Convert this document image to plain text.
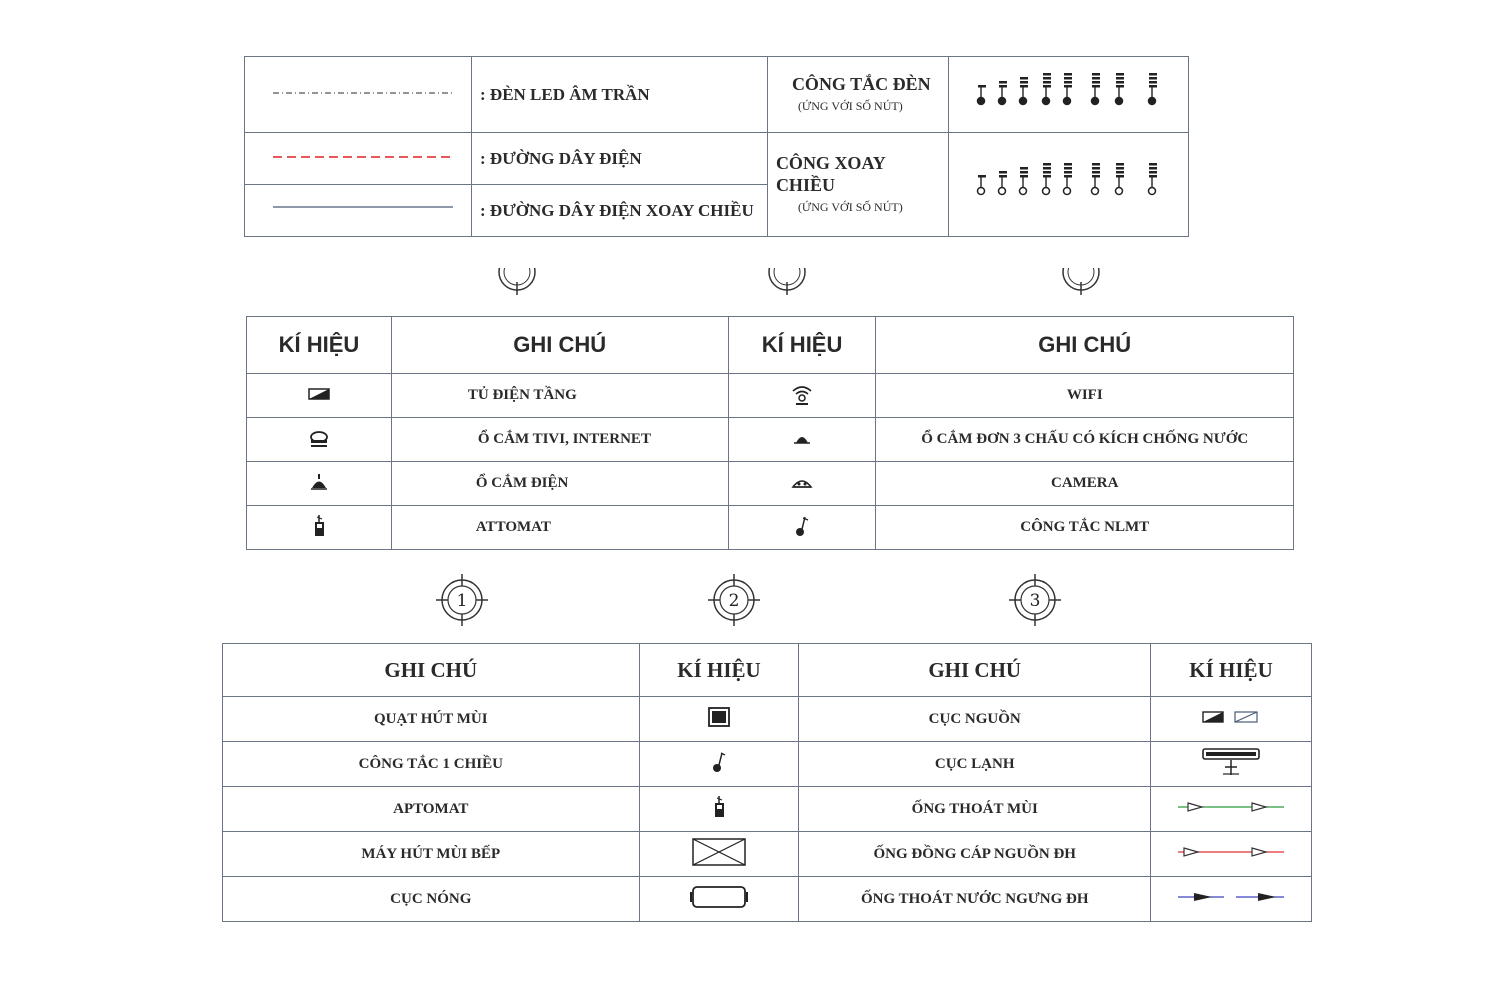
	: ĐÈN LED ÂM TRẦN	CÔNG TẮC ĐÈN
(ỨNG VỚI SỐ NÚT)

	: ĐƯỜNG DÂY ĐIỆN	CÔNG XOAY CHIỀU
(ỨNG VỚI SỐ NÚT)

	: ĐƯỜNG DÂY ĐIỆN XOAY CHIỀU		
KÍ HIỆU	GHI CHÚ	KÍ HIỆU	GHI CHÚ
	TỦ ĐIỆN TẦNG		WIFI
	Ổ CẮM TIVI, INTERNET		Ổ CẮM ĐƠN 3 CHẤU CÓ KÍCH CHỐNG NƯỚC
	Ổ CẮM ĐIỆN		CAMERA
	ATTOMAT		CÔNG TẮC NLMT
1	2	3
GHI CHÚ	KÍ HIỆU	GHI CHÚ	KÍ HIỆU
QUẠT HÚT MÙI		CỤC NGUỒN	
CÔNG TẮC 1 CHIỀU		CỤC LẠNH	
APTOMAT		ỐNG THOÁT MÙI	
MÁY HÚT MÙI BẾP		ỐNG ĐỒNG CÁP NGUỒN ĐH	
CỤC NÓNG		ỐNG THOÁT NƯỚC NGƯNG ĐH	
